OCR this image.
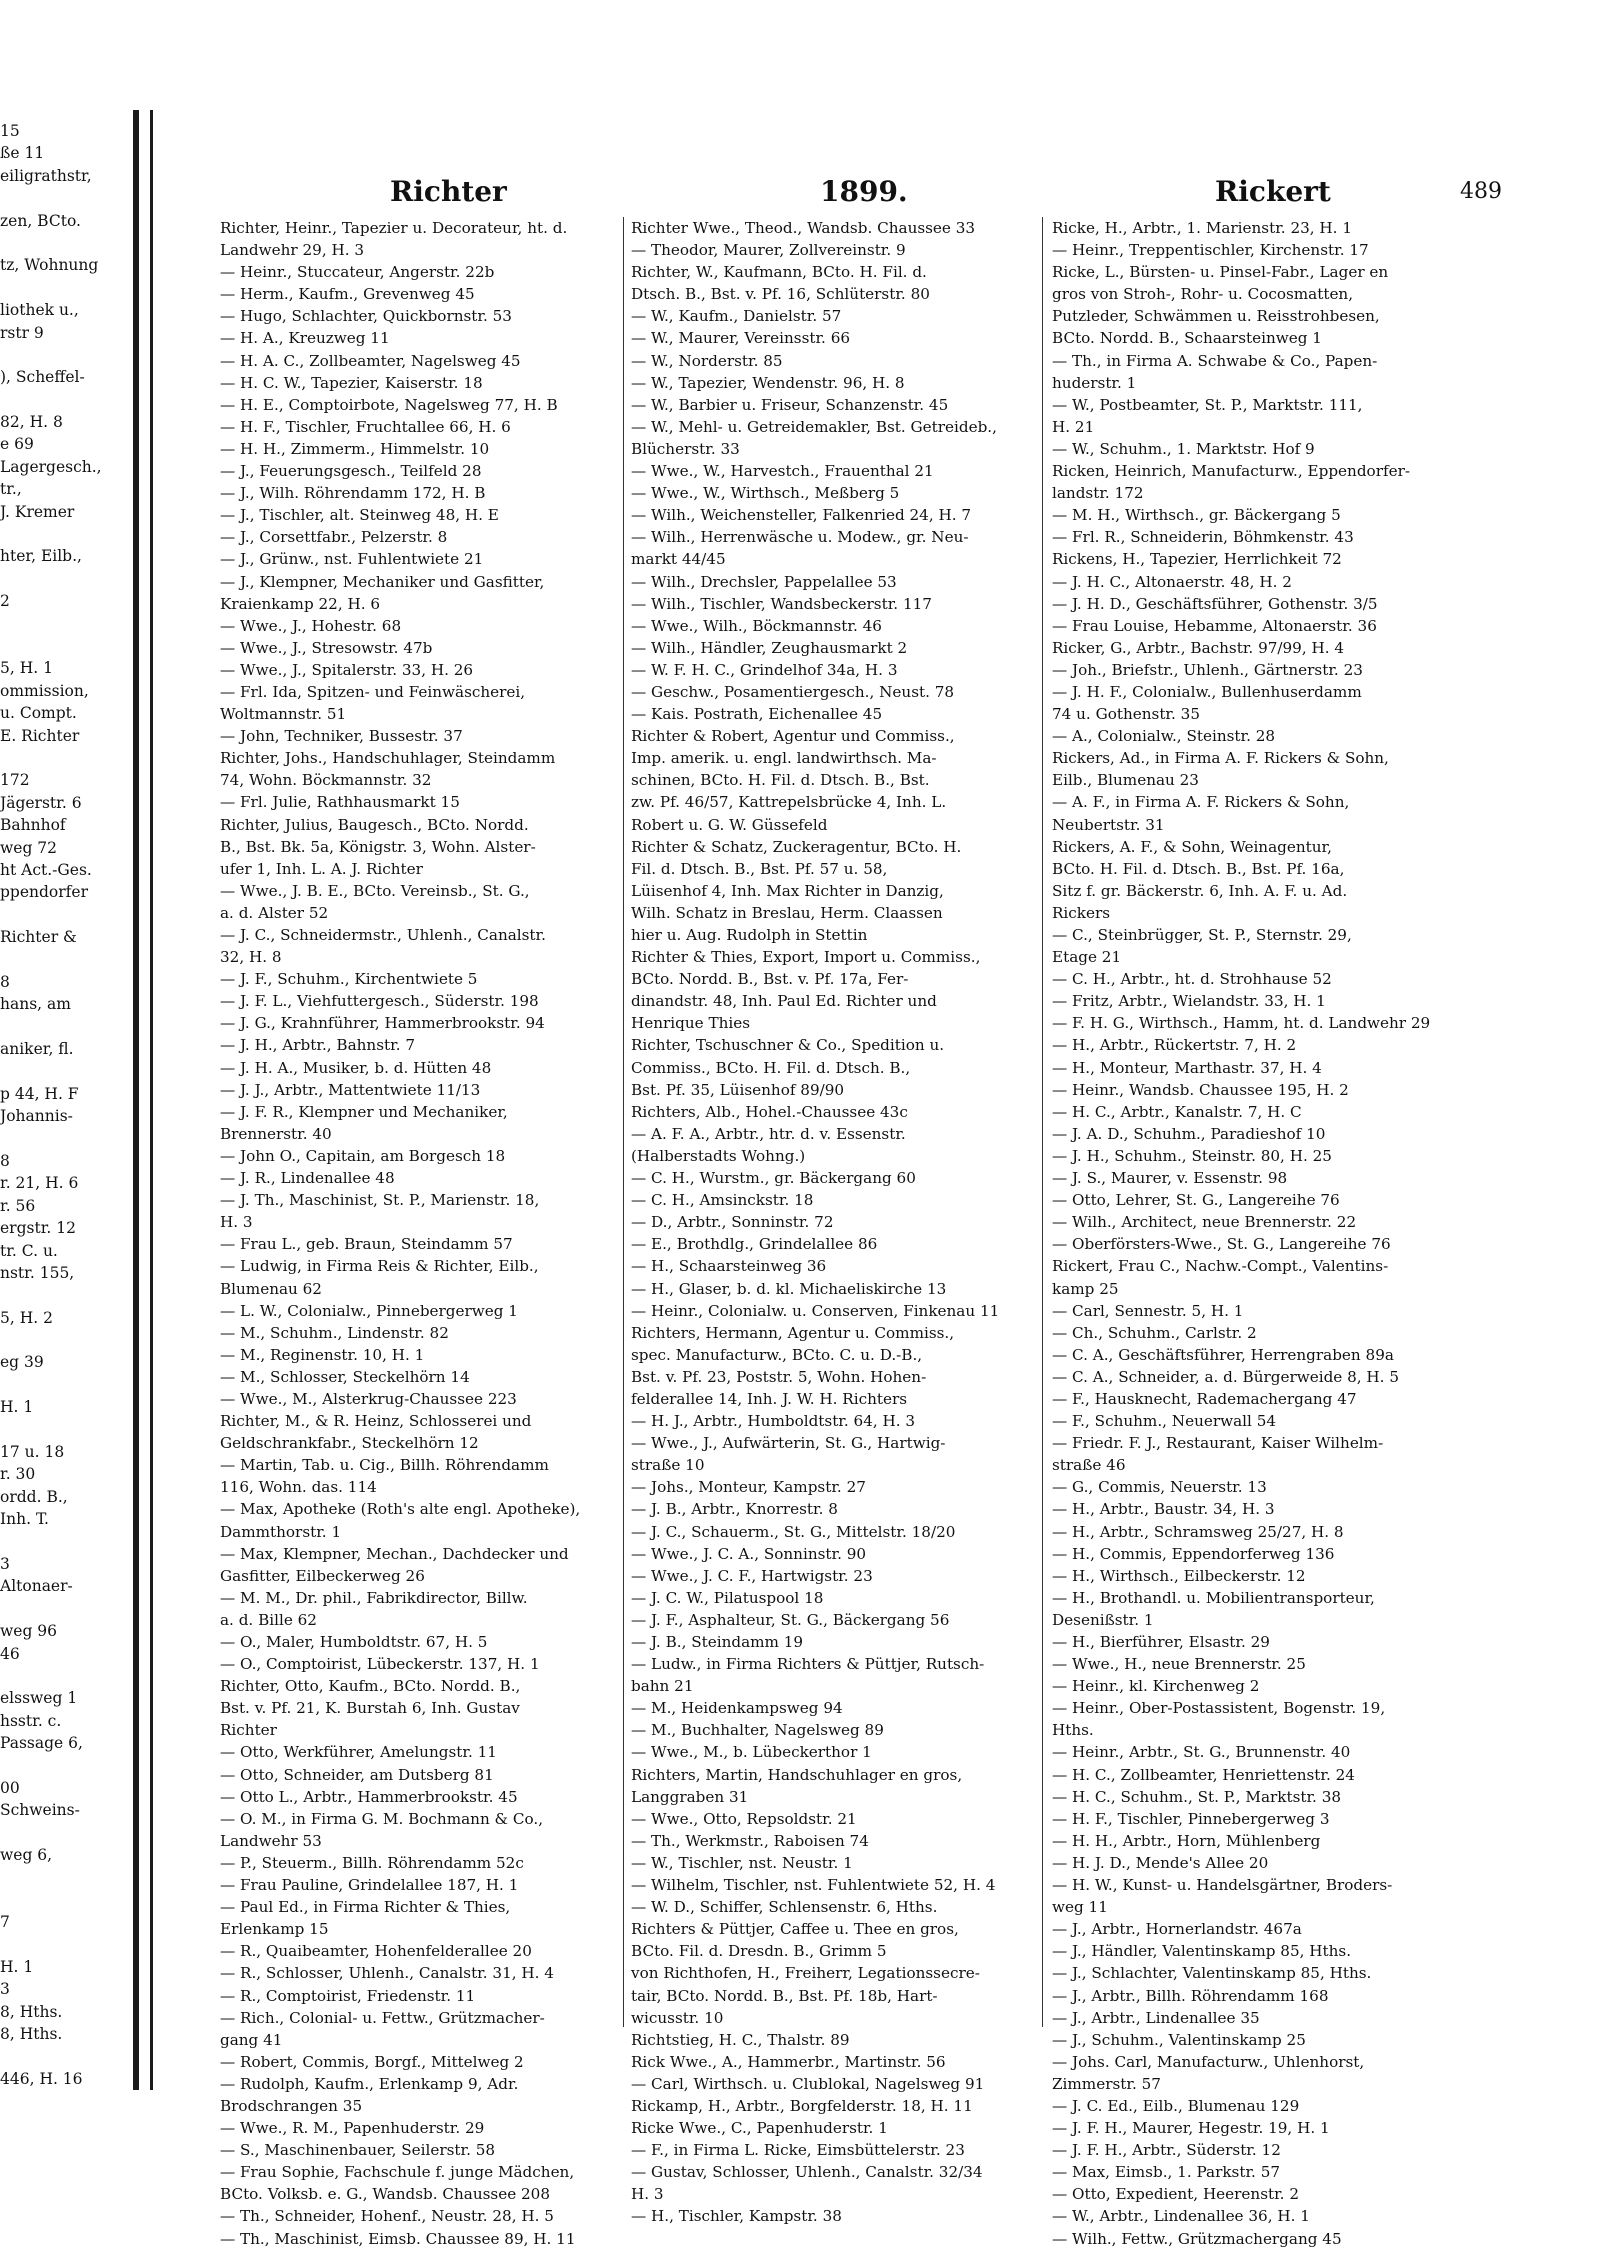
15
ße 11
eiligrathstr,
zen, BCto.
tz, Wohnung
liothek u.,
rstr 9
), Scheffel-
82, H. 8
e 69
Lagergesch.,
tr.,
J. Kremer
hter, Eilb.,
2
5, H. 1
ommission,
u. Compt.
E. Richter
172
Jägerstr. 6
Bahnhof
weg 72
ht Act.-Ges.
ppendorfer
Richter &
8
hans, am
aniker, fl.
p 44, H. F
Johannis-
8
r. 21, H. 6
r. 56
ergstr. 12
tr. C. u.
nstr. 155,
5, H. 2
eg 39
H. 1
17 u. 18
r. 30
ordd. B.,
Inh. T.
3
Altonaer-
weg 96
46
elssweg 1
hsstr. c.
Passage 6,
00
Schweins-
weg 6,
7
H. 1
3
8, Hths.
8, Hths.
446, H. 16
Richter	1899.	Rickert	489
Richter, Heinr., Tapezier u. Decorateur, ht. d.
Landwehr 29, H. 3
— Heinr., Stuccateur, Angerstr. 22b
— Herm., Kaufm., Grevenweg 45
— Hugo, Schlachter, Quickbornstr. 53
— H. A., Kreuzweg 11
— H. A. C., Zollbeamter, Nagelsweg 45
— H. C. W., Tapezier, Kaiserstr. 18
— H. E., Comptoirbote, Nagelsweg 77, H. B
— H. F., Tischler, Fruchtallee 66, H. 6
— H. H., Zimmerm., Himmelstr. 10
— J., Feuerungsgesch., Teilfeld 28
— J., Wilh. Röhrendamm 172, H. B
— J., Tischler, alt. Steinweg 48, H. E
— J., Corsettfabr., Pelzerstr. 8
— J., Grünw., nst. Fuhlentwiete 21
— J., Klempner, Mechaniker und Gasfitter,
Kraienkamp 22, H. 6
— Wwe., J., Hohestr. 68
— Wwe., J., Stresowstr. 47b
— Wwe., J., Spitalerstr. 33, H. 26
— Frl. Ida, Spitzen- und Feinwäscherei,
Woltmannstr. 51
— John, Techniker, Bussestr. 37
Richter, Johs., Handschuhlager, Steindamm
74, Wohn. Böckmannstr. 32
— Frl. Julie, Rathhausmarkt 15
Richter, Julius, Baugesch., BCto. Nordd.
B., Bst. Bk. 5a, Königstr. 3, Wohn. Alster-
ufer 1, Inh. L. A. J. Richter
— Wwe., J. B. E., BCto. Vereinsb., St. G.,
a. d. Alster 52
— J. C., Schneidermstr., Uhlenh., Canalstr.
32, H. 8
— J. F., Schuhm., Kirchentwiete 5
— J. F. L., Viehfuttergesch., Süderstr. 198
— J. G., Krahnführer, Hammerbrookstr. 94
— J. H., Arbtr., Bahnstr. 7
— J. H. A., Musiker, b. d. Hütten 48
— J. J., Arbtr., Mattentwiete 11/13
— J. F. R., Klempner und Mechaniker,
Brennerstr. 40
— John O., Capitain, am Borgesch 18
— J. R., Lindenallee 48
— J. Th., Maschinist, St. P., Marienstr. 18,
H. 3
— Frau L., geb. Braun, Steindamm 57
— Ludwig, in Firma Reis & Richter, Eilb.,
Blumenau 62
— L. W., Colonialw., Pinnebergerweg 1
— M., Schuhm., Lindenstr. 82
— M., Reginenstr. 10, H. 1
— M., Schlosser, Steckelhörn 14
— Wwe., M., Alsterkrug-Chaussee 223
Richter, M., & R. Heinz, Schlosserei und
Geldschrankfabr., Steckelhörn 12
— Martin, Tab. u. Cig., Billh. Röhrendamm
116, Wohn. das. 114
— Max, Apotheke (Roth's alte engl. Apotheke),
Dammthorstr. 1
— Max, Klempner, Mechan., Dachdecker und
Gasfitter, Eilbeckerweg 26
— M. M., Dr. phil., Fabrikdirector, Billw.
a. d. Bille 62
— O., Maler, Humboldtstr. 67, H. 5
— O., Comptoirist, Lübeckerstr. 137, H. 1
Richter, Otto, Kaufm., BCto. Nordd. B.,
Bst. v. Pf. 21, K. Burstah 6, Inh. Gustav
Richter
— Otto, Werkführer, Amelungstr. 11
— Otto, Schneider, am Dutsberg 81
— Otto L., Arbtr., Hammerbrookstr. 45
— O. M., in Firma G. M. Bochmann & Co.,
Landwehr 53
— P., Steuerm., Billh. Röhrendamm 52c
— Frau Pauline, Grindelallee 187, H. 1
— Paul Ed., in Firma Richter & Thies,
Erlenkamp 15
— R., Quaibeamter, Hohenfelderallee 20
— R., Schlosser, Uhlenh., Canalstr. 31, H. 4
— R., Comptoirist, Friedenstr. 11
— Rich., Colonial- u. Fettw., Grützmacher-
gang 41
— Robert, Commis, Borgf., Mittelweg 2
— Rudolph, Kaufm., Erlenkamp 9, Adr.
Brodschrangen 35
— Wwe., R. M., Papenhuderstr. 29
— S., Maschinenbauer, Seilerstr. 58
— Frau Sophie, Fachschule f. junge Mädchen,
BCto. Volksb. e. G., Wandsb. Chaussee 208
— Th., Schneider, Hohenf., Neustr. 28, H. 5
— Th., Maschinist, Eimsb. Chaussee 89, H. 11
Richter Wwe., Theod., Wandsb. Chaussee 33
— Theodor, Maurer, Zollvereinstr. 9
Richter, W., Kaufmann, BCto. H. Fil. d.
Dtsch. B., Bst. v. Pf. 16, Schlüterstr. 80
— W., Kaufm., Danielstr. 57
— W., Maurer, Vereinsstr. 66
— W., Norderstr. 85
— W., Tapezier, Wendenstr. 96, H. 8
— W., Barbier u. Friseur, Schanzenstr. 45
— W., Mehl- u. Getreidemakler, Bst. Getreideb.,
Blücherstr. 33
— Wwe., W., Harvestch., Frauenthal 21
— Wwe., W., Wirthsch., Meßberg 5
— Wilh., Weichensteller, Falkenried 24, H. 7
— Wilh., Herrenwäsche u. Modew., gr. Neu-
markt 44/45
— Wilh., Drechsler, Pappelallee 53
— Wilh., Tischler, Wandsbeckerstr. 117
— Wwe., Wilh., Böckmannstr. 46
— Wilh., Händler, Zeughausmarkt 2
— W. F. H. C., Grindelhof 34a, H. 3
— Geschw., Posamentiergesch., Neust. 78
— Kais. Postrath, Eichenallee 45
Richter & Robert, Agentur und Commiss.,
Imp. amerik. u. engl. landwirthsch. Ma-
schinen, BCto. H. Fil. d. Dtsch. B., Bst.
zw. Pf. 46/57, Kattrepelsbrücke 4, Inh. L.
Robert u. G. W. Güssefeld
Richter & Schatz, Zuckeragentur, BCto. H.
Fil. d. Dtsch. B., Bst. Pf. 57 u. 58,
Lüisenhof 4, Inh. Max Richter in Danzig,
Wilh. Schatz in Breslau, Herm. Claassen
hier u. Aug. Rudolph in Stettin
Richter & Thies, Export, Import u. Commiss.,
BCto. Nordd. B., Bst. v. Pf. 17a, Fer-
dinandstr. 48, Inh. Paul Ed. Richter und
Henrique Thies
Richter, Tschuschner & Co., Spedition u.
Commiss., BCto. H. Fil. d. Dtsch. B.,
Bst. Pf. 35, Lüisenhof 89/90
Richters, Alb., Hohel.-Chaussee 43c
— A. F. A., Arbtr., htr. d. v. Essenstr.
(Halberstadts Wohng.)
— C. H., Wurstm., gr. Bäckergang 60
— C. H., Amsinckstr. 18
— D., Arbtr., Sonninstr. 72
— E., Brothdlg., Grindelallee 86
— H., Schaarsteinweg 36
— H., Glaser, b. d. kl. Michaeliskirche 13
— Heinr., Colonialw. u. Conserven, Finkenau 11
Richters, Hermann, Agentur u. Commiss.,
spec. Manufacturw., BCto. C. u. D.-B.,
Bst. v. Pf. 23, Poststr. 5, Wohn. Hohen-
felderallee 14, Inh. J. W. H. Richters
— H. J., Arbtr., Humboldtstr. 64, H. 3
— Wwe., J., Aufwärterin, St. G., Hartwig-
straße 10
— Johs., Monteur, Kampstr. 27
— J. B., Arbtr., Knorrestr. 8
— J. C., Schauerm., St. G., Mittelstr. 18/20
— Wwe., J. C. A., Sonninstr. 90
— Wwe., J. C. F., Hartwigstr. 23
— J. C. W., Pilatuspool 18
— J. F., Asphalteur, St. G., Bäckergang 56
— J. B., Steindamm 19
— Ludw., in Firma Richters & Püttjer, Rutsch-
bahn 21
— M., Heidenkampsweg 94
— M., Buchhalter, Nagelsweg 89
— Wwe., M., b. Lübeckerthor 1
Richters, Martin, Handschuhlager en gros,
Langgraben 31
— Wwe., Otto, Repsoldstr. 21
— Th., Werkmstr., Raboisen 74
— W., Tischler, nst. Neustr. 1
— Wilhelm, Tischler, nst. Fuhlentwiete 52, H. 4
— W. D., Schiffer, Schlensenstr. 6, Hths.
Richters & Püttjer, Caffee u. Thee en gros,
BCto. Fil. d. Dresdn. B., Grimm 5
von Richthofen, H., Freiherr, Legationssecre-
tair, BCto. Nordd. B., Bst. Pf. 18b, Hart-
wicusstr. 10
Richtstieg, H. C., Thalstr. 89
Rick Wwe., A., Hammerbr., Martinstr. 56
— Carl, Wirthsch. u. Clublokal, Nagelsweg 91
Rickamp, H., Arbtr., Borgfelderstr. 18, H. 11
Ricke Wwe., C., Papenhuderstr. 1
— F., in Firma L. Ricke, Eimsbüttelerstr. 23
— Gustav, Schlosser, Uhlenh., Canalstr. 32/34
H. 3
— H., Tischler, Kampstr. 38
Ricke, H., Arbtr., 1. Marienstr. 23, H. 1
— Heinr., Treppentischler, Kirchenstr. 17
Ricke, L., Bürsten- u. Pinsel-Fabr., Lager en
gros von Stroh-, Rohr- u. Cocosmatten,
Putzleder, Schwämmen u. Reisstrohbesen,
BCto. Nordd. B., Schaarsteinweg 1
— Th., in Firma A. Schwabe & Co., Papen-
huderstr. 1
— W., Postbeamter, St. P., Marktstr. 111,
H. 21
— W., Schuhm., 1. Marktstr. Hof 9
Ricken, Heinrich, Manufacturw., Eppendorfer-
landstr. 172
— M. H., Wirthsch., gr. Bäckergang 5
— Frl. R., Schneiderin, Böhmkenstr. 43
Rickens, H., Tapezier, Herrlichkeit 72
— J. H. C., Altonaerstr. 48, H. 2
— J. H. D., Geschäftsführer, Gothenstr. 3/5
— Frau Louise, Hebamme, Altonaerstr. 36
Ricker, G., Arbtr., Bachstr. 97/99, H. 4
— Joh., Briefstr., Uhlenh., Gärtnerstr. 23
— J. H. F., Colonialw., Bullenhuserdamm
74 u. Gothenstr. 35
— A., Colonialw., Steinstr. 28
Rickers, Ad., in Firma A. F. Rickers & Sohn,
Eilb., Blumenau 23
— A. F., in Firma A. F. Rickers & Sohn,
Neubertstr. 31
Rickers, A. F., & Sohn, Weinagentur,
BCto. H. Fil. d. Dtsch. B., Bst. Pf. 16a,
Sitz f. gr. Bäckerstr. 6, Inh. A. F. u. Ad.
Rickers
— C., Steinbrügger, St. P., Sternstr. 29,
Etage 21
— C. H., Arbtr., ht. d. Strohhause 52
— Fritz, Arbtr., Wielandstr. 33, H. 1
— F. H. G., Wirthsch., Hamm, ht. d. Landwehr 29
— H., Arbtr., Rückertstr. 7, H. 2
— H., Monteur, Marthastr. 37, H. 4
— Heinr., Wandsb. Chaussee 195, H. 2
— H. C., Arbtr., Kanalstr. 7, H. C
— J. A. D., Schuhm., Paradieshof 10
— J. H., Schuhm., Steinstr. 80, H. 25
— J. S., Maurer, v. Essenstr. 98
— Otto, Lehrer, St. G., Langereihe 76
— Wilh., Architect, neue Brennerstr. 22
— Oberförsters-Wwe., St. G., Langereihe 76
Rickert, Frau C., Nachw.-Compt., Valentins-
kamp 25
— Carl, Sennestr. 5, H. 1
— Ch., Schuhm., Carlstr. 2
— C. A., Geschäftsführer, Herrengraben 89a
— C. A., Schneider, a. d. Bürgerweide 8, H. 5
— F., Hausknecht, Rademachergang 47
— F., Schuhm., Neuerwall 54
— Friedr. F. J., Restaurant, Kaiser Wilhelm-
straße 46
— G., Commis, Neuerstr. 13
— H., Arbtr., Baustr. 34, H. 3
— H., Arbtr., Schramsweg 25/27, H. 8
— H., Commis, Eppendorferweg 136
— H., Wirthsch., Eilbeckerstr. 12
— H., Brothandl. u. Mobilientransporteur,
Desenißstr. 1
— H., Bierführer, Elsastr. 29
— Wwe., H., neue Brennerstr. 25
— Heinr., kl. Kirchenweg 2
— Heinr., Ober-Postassistent, Bogenstr. 19,
Hths.
— Heinr., Arbtr., St. G., Brunnenstr. 40
— H. C., Zollbeamter, Henriettenstr. 24
— H. C., Schuhm., St. P., Marktstr. 38
— H. F., Tischler, Pinnebergerweg 3
— H. H., Arbtr., Horn, Mühlenberg
— H. J. D., Mende's Allee 20
— H. W., Kunst- u. Handelsgärtner, Broders-
weg 11
— J., Arbtr., Hornerlandstr. 467a
— J., Händler, Valentinskamp 85, Hths.
— J., Schlachter, Valentinskamp 85, Hths.
— J., Arbtr., Billh. Röhrendamm 168
— J., Arbtr., Lindenallee 35
— J., Schuhm., Valentinskamp 25
— Johs. Carl, Manufacturw., Uhlenhorst,
Zimmerstr. 57
— J. C. Ed., Eilb., Blumenau 129
— J. F. H., Maurer, Hegestr. 19, H. 1
— J. F. H., Arbtr., Süderstr. 12
— Max, Eimsb., 1. Parkstr. 57
— Otto, Expedient, Heerenstr. 2
— W., Arbtr., Lindenallee 36, H. 1
— Wilh., Fettw., Grützmachergang 45
